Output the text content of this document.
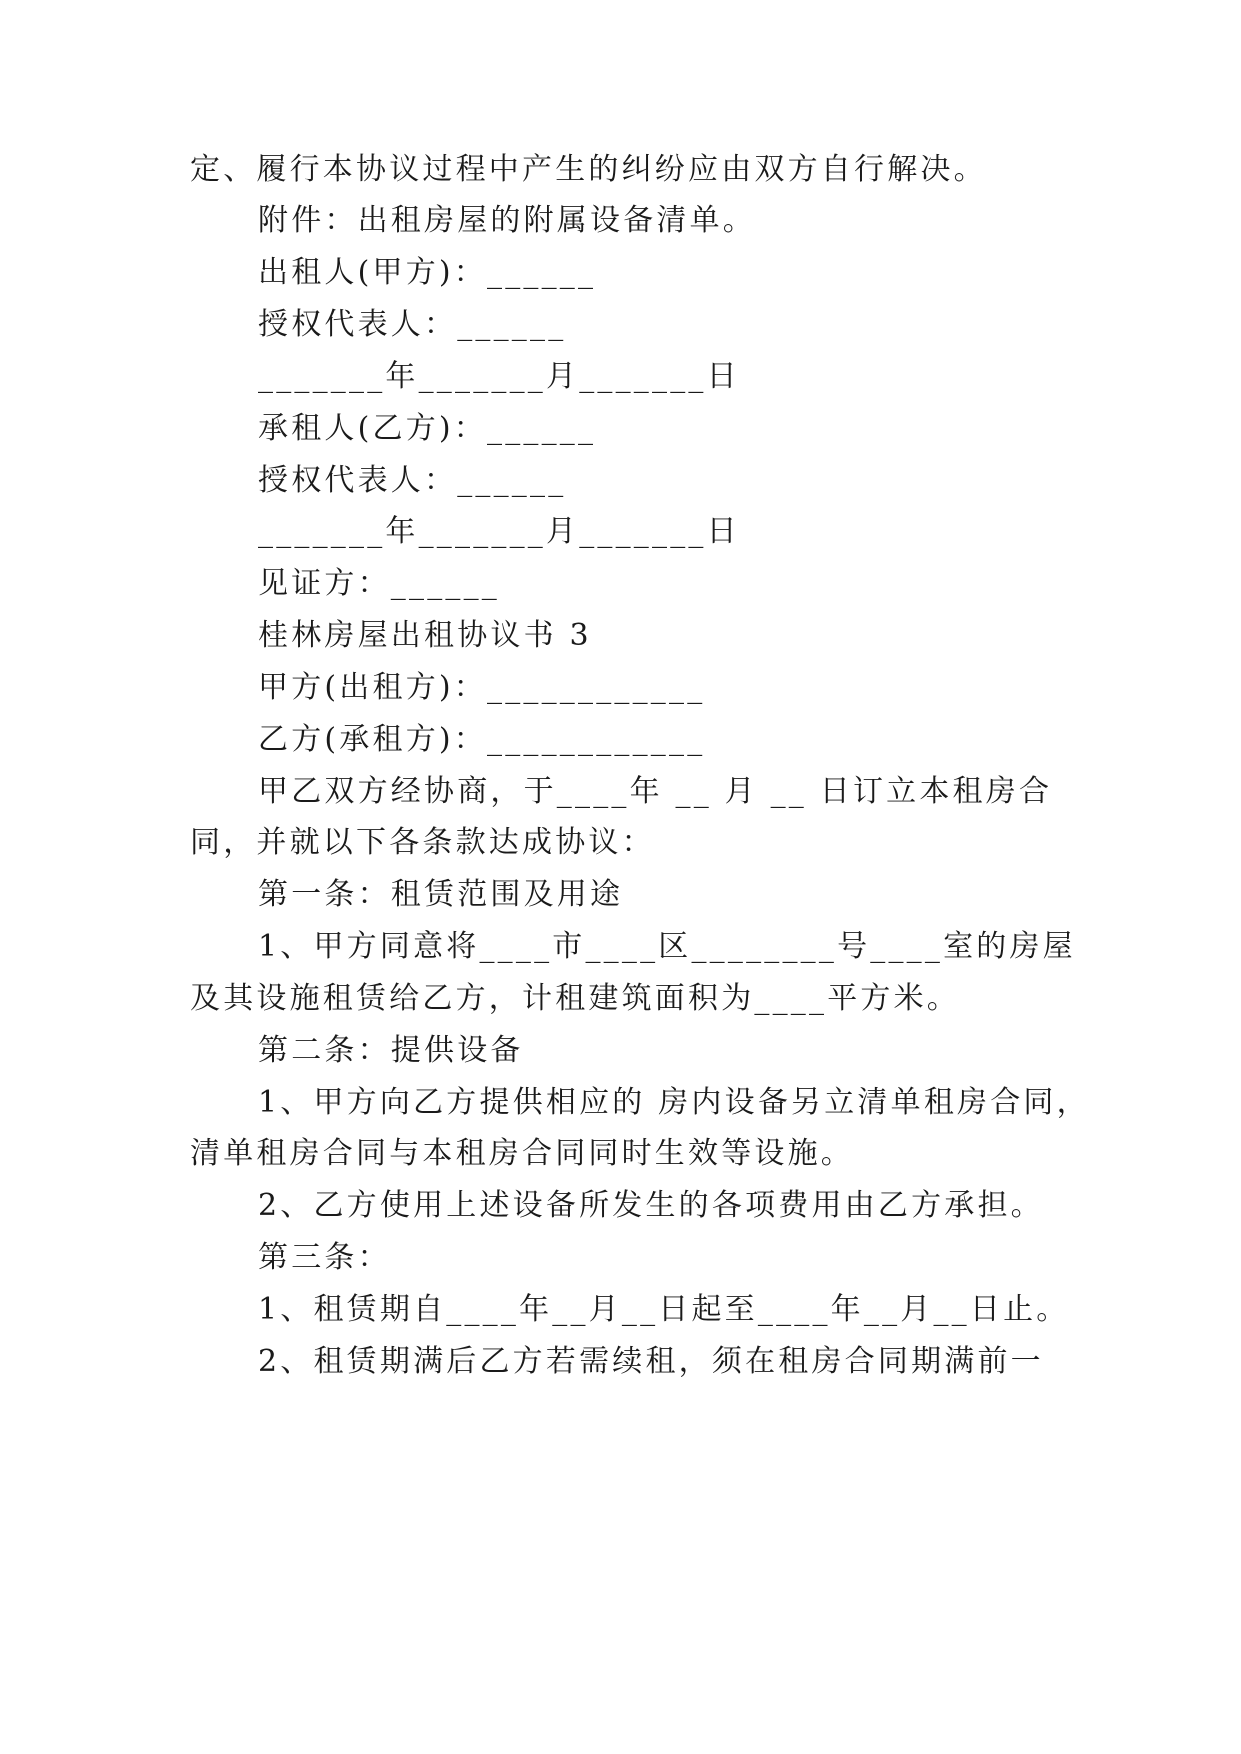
定、履行本协议过程中产生的纠纷应由双方自行解决。
附件：出租房屋的附属设备清单。
出租人(甲方)：______
授权代表人：______
_______年_______月_______日
承租人(乙方)：______
授权代表人：______
_______年_______月_______日
见证方：______
桂林房屋出租协议书 3
甲方(出租方)：____________
乙方(承租方)：____________
甲乙双方经协商，于____年 __ 月 __ 日订立本租房合
同，并就以下各条款达成协议：
第一条：租赁范围及用途
1、甲方同意将____市____区________号____室的房屋
及其设施租赁给乙方，计租建筑面积为____平方米。
第二条：提供设备
1、甲方向乙方提供相应的 房内设备另立清单租房合同，
清单租房合同与本租房合同同时生效等设施。
2、乙方使用上述设备所发生的各项费用由乙方承担。
第三条：
1、租赁期自____年__月__日起至____年__月__日止。
2、租赁期满后乙方若需续租，须在租房合同期满前一
